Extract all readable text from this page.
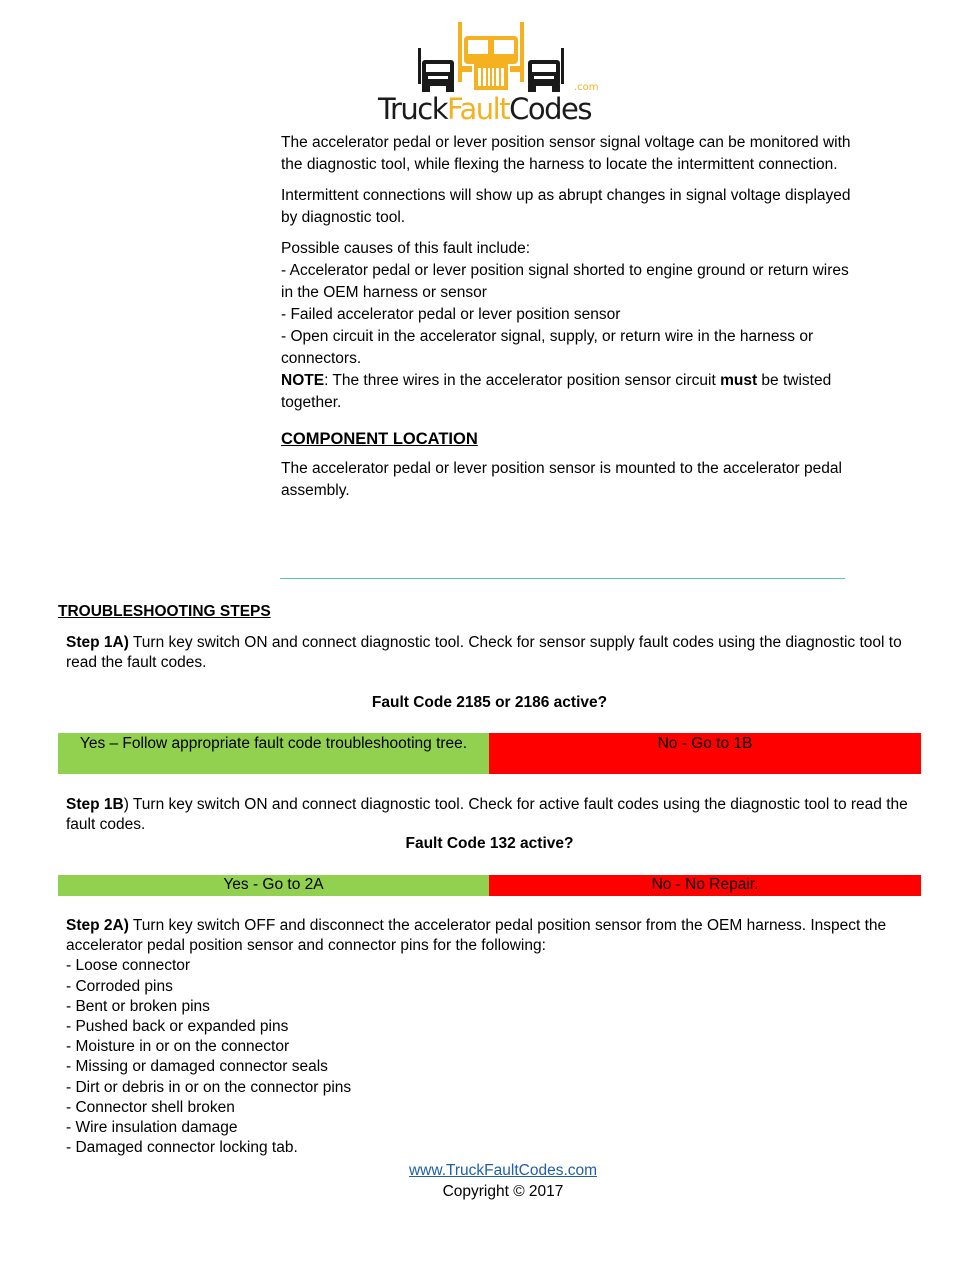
.com
TruckFaultCodes

The accelerator pedal or lever position sensor signal voltage can be monitored with the diagnostic tool, while flexing the harness to locate the intermittent connection.

Intermittent connections will show up as abrupt changes in signal voltage displayed by diagnostic tool.

Possible causes of this fault include:
- Accelerator pedal or lever position signal shorted to engine ground or return wires in the OEM harness or sensor
- Failed accelerator pedal or lever position sensor
- Open circuit in the accelerator signal, supply, or return wire in the harness or connectors.
NOTE: The three wires in the accelerator position sensor circuit must be twisted together.
COMPONENT LOCATION

The accelerator pedal or lever position sensor is mounted to the accelerator pedal assembly.

TROUBLESHOOTING STEPS
Step 1A) Turn key switch ON and connect diagnostic tool. Check for sensor supply fault codes using the diagnostic tool to read the fault codes.
Fault Code 2185 or 2186 active?
Yes – Follow appropriate fault code troubleshooting tree.	No - Go to 1B
Step 1B) Turn key switch ON and connect diagnostic tool. Check for active fault codes using the diagnostic tool to read the fault codes.
Fault Code 132 active?
Yes - Go to 2A	No - No Repair.
Step 2A) Turn key switch OFF and disconnect the accelerator pedal position sensor from the OEM harness. Inspect the accelerator pedal position sensor and connector pins for the following:
- Loose connector
- Corroded pins
- Bent or broken pins
- Pushed back or expanded pins
- Moisture in or on the connector
- Missing or damaged connector seals
- Dirt or debris in or on the connector pins
- Connector shell broken
- Wire insulation damage
- Damaged connector locking tab.
www.TruckFaultCodes.com
Copyright © 2017
